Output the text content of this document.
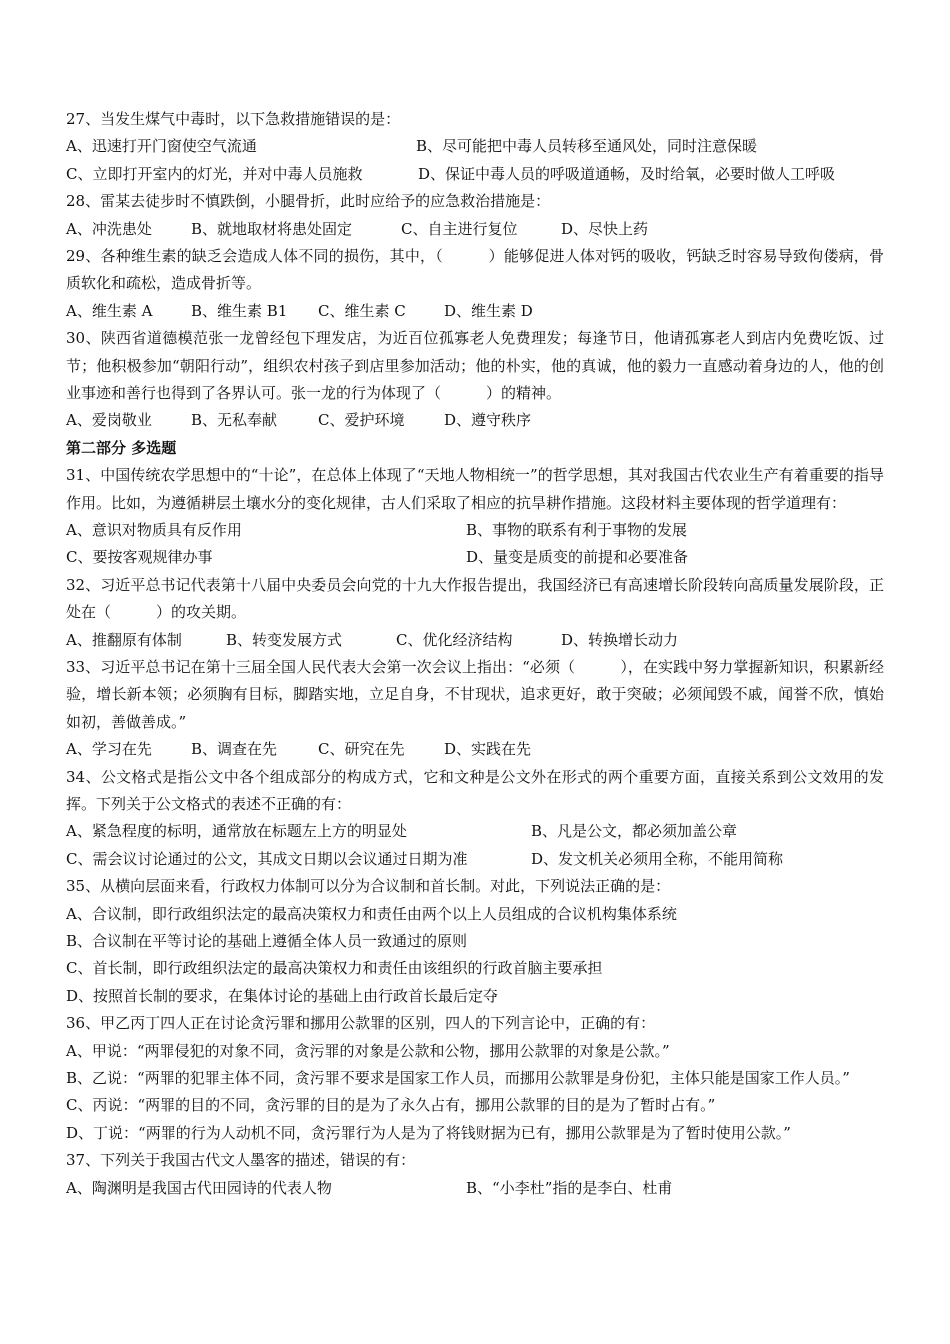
27、当发生煤气中毒时，以下急救措施错误的是：
A、迅速打开门窗使空气流通	B、尽可能把中毒人员转移至通风处，同时注意保暖
C、立即打开室内的灯光，并对中毒人员施救	D、保证中毒人员的呼吸道通畅，及时给氧，必要时做人工呼吸
28、雷某去徒步时不慎跌倒，小腿骨折，此时应给予的应急救治措施是：
A、冲洗患处	B、就地取材将患处固定	C、自主进行复位	D、尽快上药
29、各种维生素的缺乏会造成人体不同的损伤，其中，（　　　）能够促进人体对钙的吸收，钙缺乏时容易导致佝偻病，骨质软化和疏松，造成骨折等。
A、维生素 A	B、维生素 B1 C、维生素 C	D、维生素 D
30、陕西省道德模范张一龙曾经包下理发店，为近百位孤寡老人免费理发；每逢节日，他请孤寡老人到店内免费吃饭、过节；他积极参加“朝阳行动”，组织农村孩子到店里参加活动；他的朴实，他的真诚，他的毅力一直感动着身边的人，他的创业事迹和善行也得到了各界认可。张一龙的行为体现了（　　　）的精神。
A、爱岗敬业	B、无私奉献	C、爱护环境	D、遵守秩序
第二部分 多选题
31、中国传统农学思想中的“十论”，在总体上体现了“天地人物相统一”的哲学思想，其对我国古代农业生产有着重要的指导作用。比如，为遵循耕层土壤水分的变化规律，古人们采取了相应的抗旱耕作措施。这段材料主要体现的哲学道理有：
A、意识对物质具有反作用	B、事物的联系有利于事物的发展
C、要按客观规律办事	D、量变是质变的前提和必要准备
32、习近平总书记代表第十八届中央委员会向党的十九大作报告提出，我国经济已有高速增长阶段转向高质量发展阶段，正处在（　　　）的攻关期。
A、推翻原有体制	B、转变发展方式	C、优化经济结构	D、转换增长动力
33、习近平总书记在第十三届全国人民代表大会第一次会议上指出：“必须（　　　），在实践中努力掌握新知识，积累新经验，增长新本领；必须胸有目标，脚踏实地，立足自身，不甘现状，追求更好，敢于突破；必须闻毁不戚，闻誉不欣，慎始如初，善做善成。”
A、学习在先	B、调查在先	C、研究在先	D、实践在先
34、公文格式是指公文中各个组成部分的构成方式，它和文种是公文外在形式的两个重要方面，直接关系到公文效用的发挥。下列关于公文格式的表述不正确的有：
A、紧急程度的标明，通常放在标题左上方的明显处	B、凡是公文，都必须加盖公章
C、需会议讨论通过的公文，其成文日期以会议通过日期为准	D、发文机关必须用全称，不能用简称
35、从横向层面来看，行政权力体制可以分为合议制和首长制。对此，下列说法正确的是：
A、合议制，即行政组织法定的最高决策权力和责任由两个以上人员组成的合议机构集体系统
B、合议制在平等讨论的基础上遵循全体人员一致通过的原则
C、首长制，即行政组织法定的最高决策权力和责任由该组织的行政首脑主要承担
D、按照首长制的要求，在集体讨论的基础上由行政首长最后定夺
36、甲乙丙丁四人正在讨论贪污罪和挪用公款罪的区别，四人的下列言论中，正确的有：
A、甲说：“两罪侵犯的对象不同，贪污罪的对象是公款和公物，挪用公款罪的对象是公款。”
B、乙说：“两罪的犯罪主体不同，贪污罪不要求是国家工作人员，而挪用公款罪是身份犯，主体只能是国家工作人员。”
C、丙说：“两罪的目的不同，贪污罪的目的是为了永久占有，挪用公款罪的目的是为了暂时占有。”
D、丁说：“两罪的行为人动机不同，贪污罪行为人是为了将钱财据为已有，挪用公款罪是为了暂时使用公款。”
37、下列关于我国古代文人墨客的描述，错误的有：
A、陶渊明是我国古代田园诗的代表人物	B、“小李杜”指的是李白、杜甫
